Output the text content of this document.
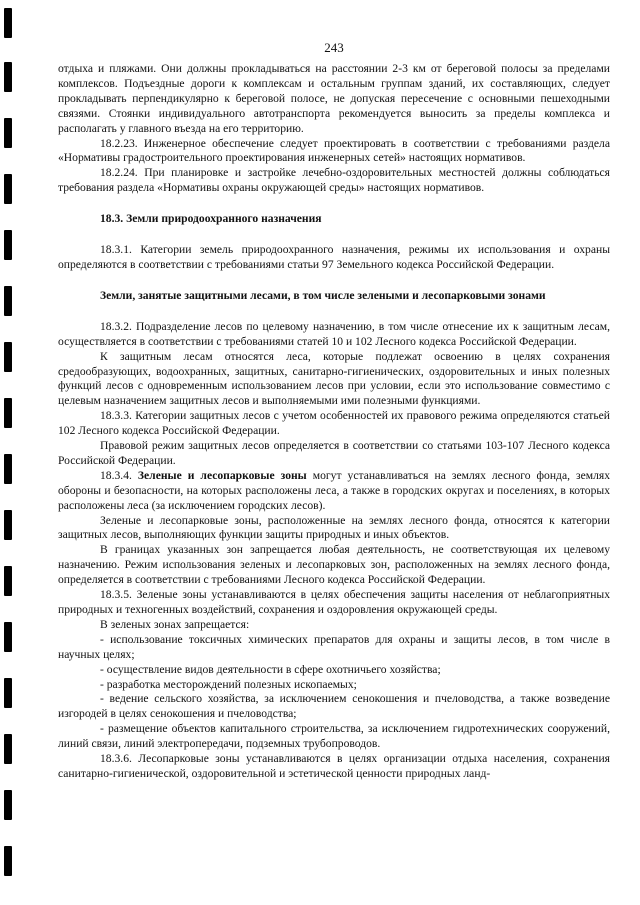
243

отдыха и пляжами. Они должны прокладываться на расстоянии 2-3 км от береговой полосы за пределами комплексов. Подъездные дороги к комплексам и остальным группам зданий, их составляющих, следует прокладывать перпендикулярно к береговой полосе, не допуская пересечение с основными пешеходными связями. Стоянки индивидуального автотранспорта рекомендуется выносить за пределы комплекса и располагать у главного въезда на его территорию.

18.2.23. Инженерное обеспечение следует проектировать в соответствии с требованиями раздела «Нормативы градостроительного проектирования инженерных сетей» настоящих нормативов.

18.2.24. При планировке и застройке лечебно-оздоровительных местностей должны соблюдаться требования раздела «Нормативы охраны окружающей среды» настоящих нормативов.

18.3. Земли природоохранного назначения

18.3.1. Категории земель природоохранного назначения, режимы их использования и охраны определяются в соответствии с требованиями статьи 97 Земельного кодекса Российской Федерации.

Земли, занятые защитными лесами, в том числе зелеными и лесопарковыми зонами

18.3.2. Подразделение лесов по целевому назначению, в том числе отнесение их к защитным лесам, осуществляется в соответствии с требованиями статей 10 и 102 Лесного кодекса Российской Федерации.

К защитным лесам относятся леса, которые подлежат освоению в целях сохранения средообразующих, водоохранных, защитных, санитарно-гигиенических, оздоровительных и иных полезных функций лесов с одновременным использованием лесов при условии, если это использование совместимо с целевым назначением защитных лесов и выполняемыми ими полезными функциями.

18.3.3. Категории защитных лесов с учетом особенностей их правового режима определяются статьей 102 Лесного кодекса Российской Федерации.

Правовой режим защитных лесов определяется в соответствии со статьями 103-107 Лесного кодекса Российской Федерации.

18.3.4. Зеленые и лесопарковые зоны могут устанавливаться на землях лесного фонда, землях обороны и безопасности, на которых расположены леса, а также в городских округах и поселениях, в которых расположены леса (за исключением городских лесов).

Зеленые и лесопарковые зоны, расположенные на землях лесного фонда, относятся к категории защитных лесов, выполняющих функции защиты природных и иных объектов.

В границах указанных зон запрещается любая деятельность, не соответствующая их целевому назначению. Режим использования зеленых и лесопарковых зон, расположенных на землях лесного фонда, определяется в соответствии с требованиями Лесного кодекса Российской Федерации.

18.3.5. Зеленые зоны устанавливаются в целях обеспечения защиты населения от неблагоприятных природных и техногенных воздействий, сохранения и оздоровления окружающей среды.

В зеленых зонах запрещается:

- использование токсичных химических препаратов для охраны и защиты лесов, в том числе в научных целях;

- осуществление видов деятельности в сфере охотничьего хозяйства;

- разработка месторождений полезных ископаемых;

- ведение сельского хозяйства, за исключением сенокошения и пчеловодства, а также возведение изгородей в целях сенокошения и пчеловодства;

- размещение объектов капитального строительства, за исключением гидротехнических сооружений, линий связи, линий электропередачи, подземных трубопроводов.

18.3.6. Лесопарковые зоны устанавливаются в целях организации отдыха населения, сохранения санитарно-гигиенической, оздоровительной и эстетической ценности природных ланд-
